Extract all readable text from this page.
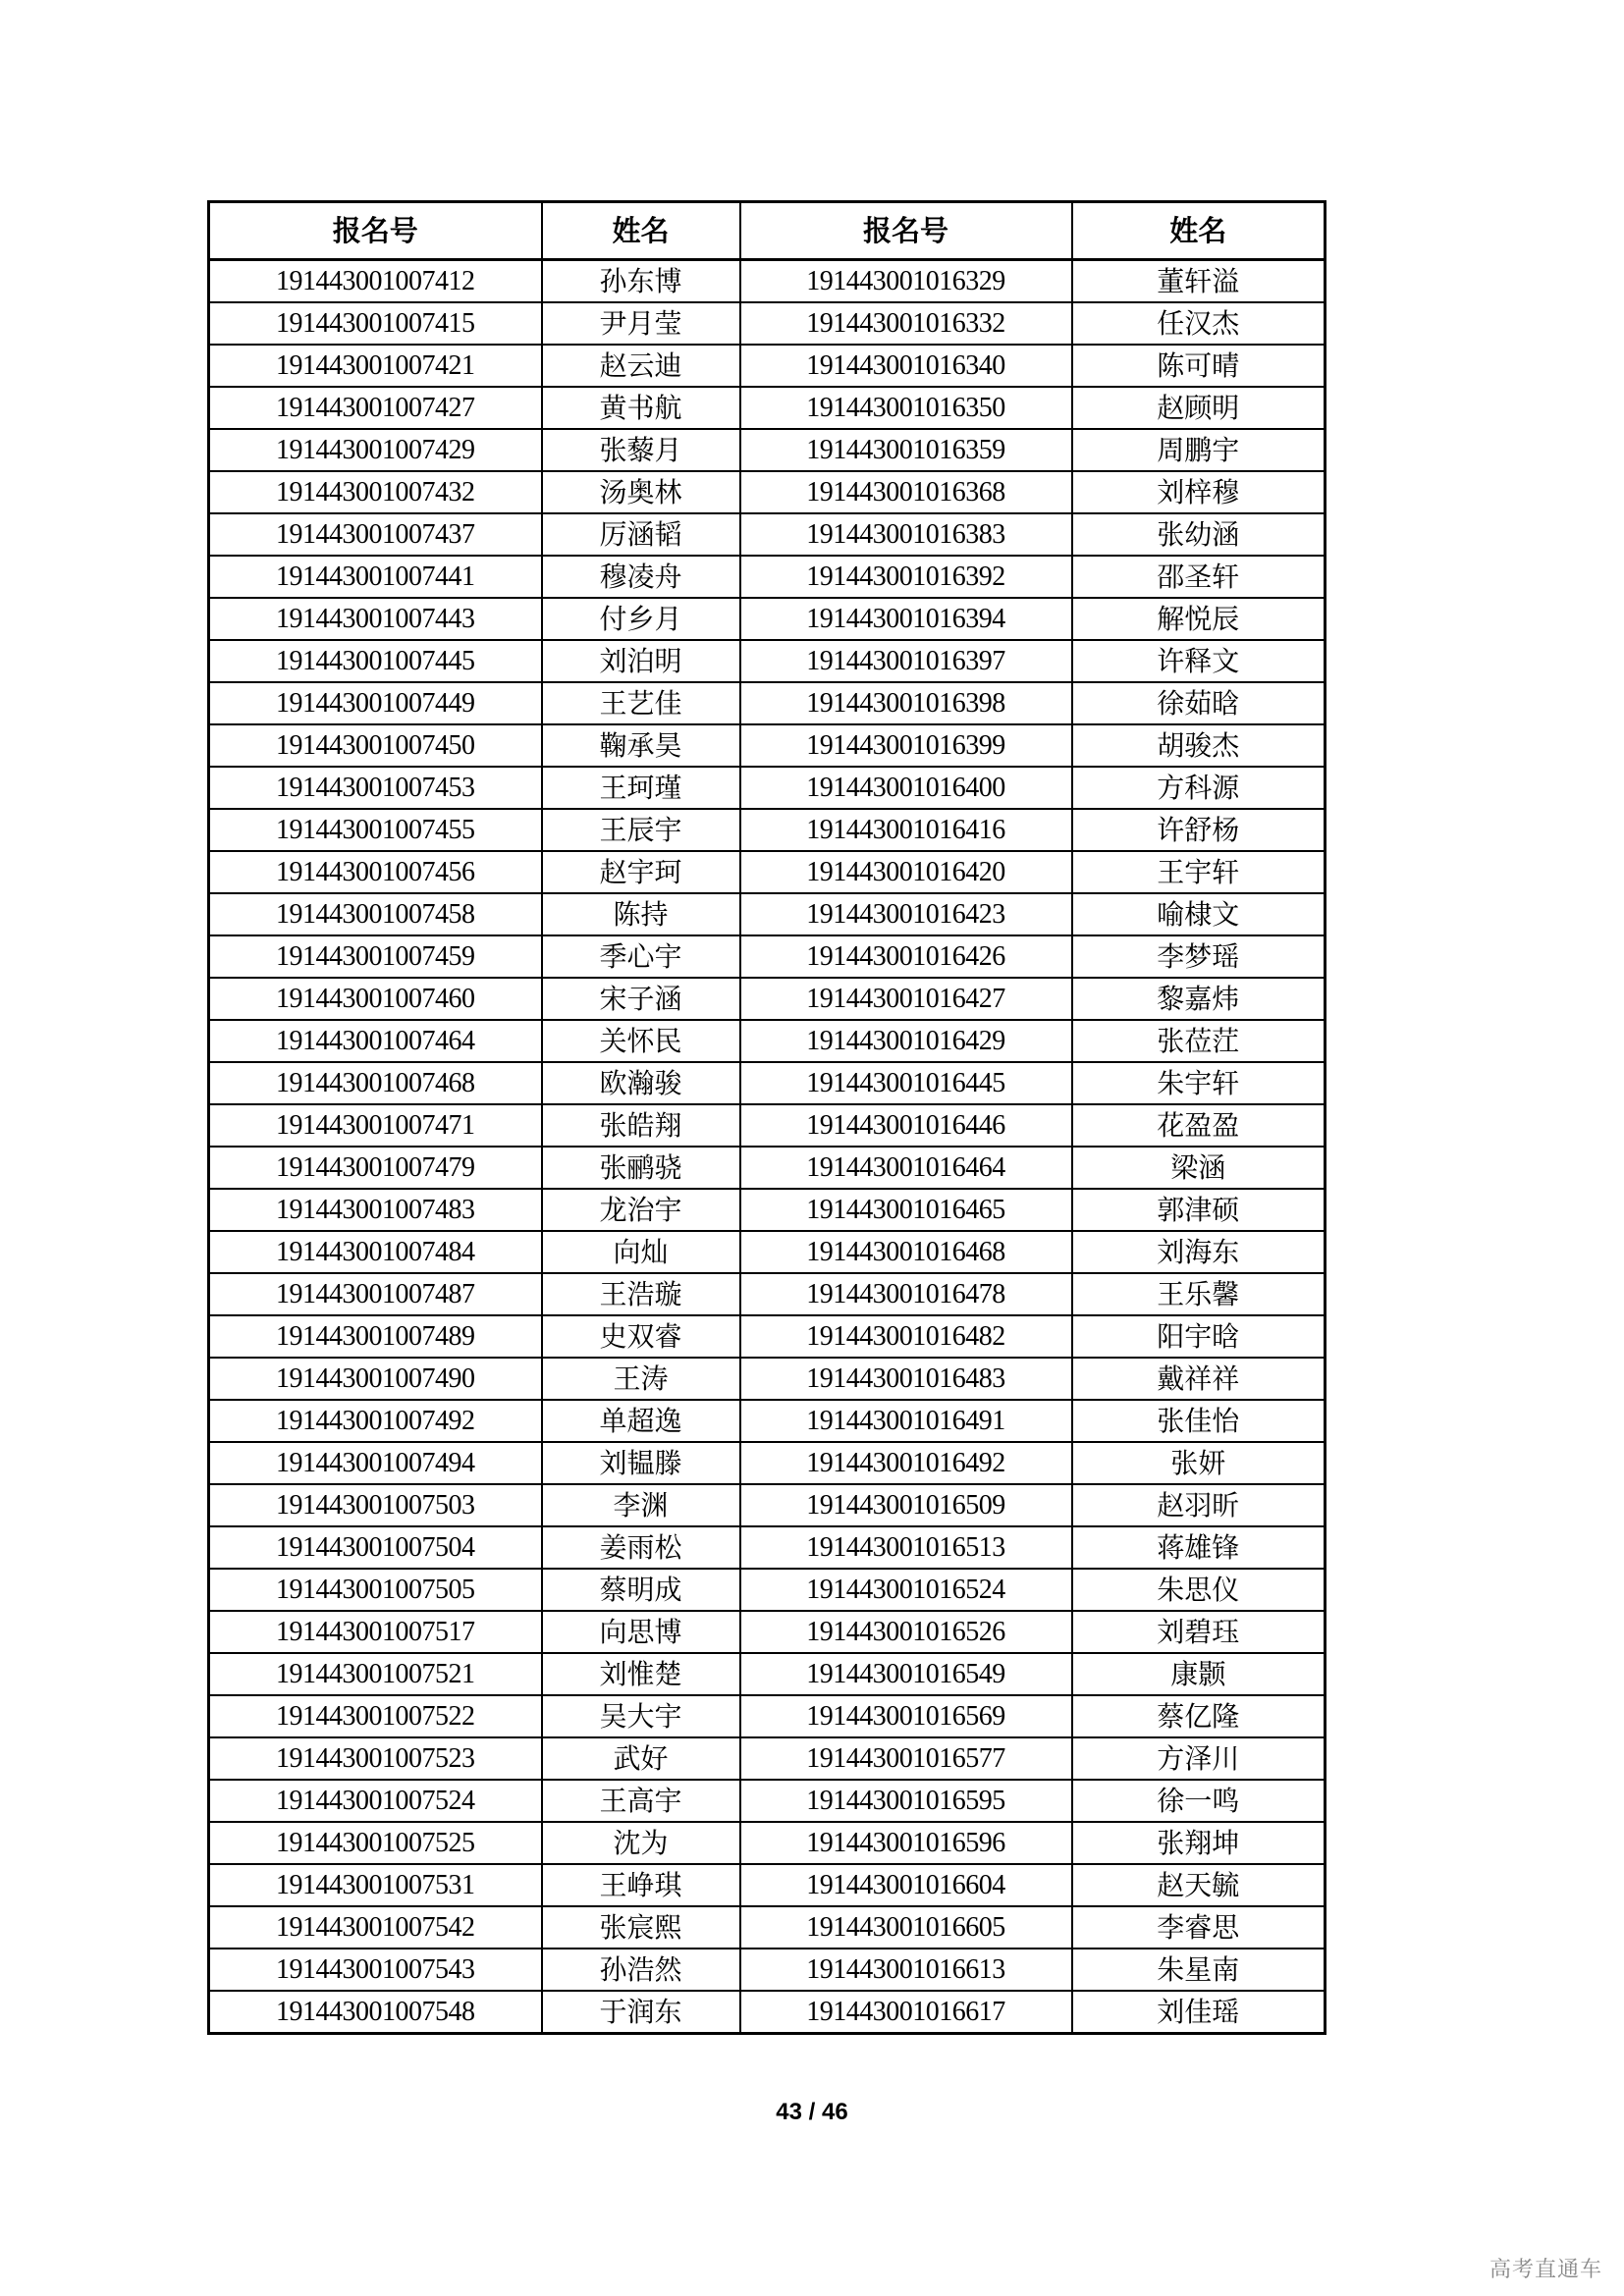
报名号	姓名	报名号	姓名
191443001007412	孙东博	191443001016329	董轩溢
191443001007415	尹月莹	191443001016332	任汉杰
191443001007421	赵云迪	191443001016340	陈可晴
191443001007427	黄书航	191443001016350	赵顾明
191443001007429	张藜月	191443001016359	周鹏宇
191443001007432	汤奥林	191443001016368	刘梓穆
191443001007437	厉涵韬	191443001016383	张幼涵
191443001007441	穆凌舟	191443001016392	邵圣轩
191443001007443	付乡月	191443001016394	解悦辰
191443001007445	刘泊明	191443001016397	许释文
191443001007449	王艺佳	191443001016398	徐茹晗
191443001007450	鞠承昊	191443001016399	胡骏杰
191443001007453	王珂瑾	191443001016400	方科源
191443001007455	王辰宇	191443001016416	许舒杨
191443001007456	赵宇珂	191443001016420	王宇轩
191443001007458	陈持	191443001016423	喻棣文
191443001007459	季心宇	191443001016426	李梦瑶
191443001007460	宋子涵	191443001016427	黎嘉炜
191443001007464	关怀民	191443001016429	张莅茳
191443001007468	欧瀚骏	191443001016445	朱宇轩
191443001007471	张皓翔	191443001016446	花盈盈
191443001007479	张鹂骁	191443001016464	梁涵
191443001007483	龙治宇	191443001016465	郭津硕
191443001007484	向灿	191443001016468	刘海东
191443001007487	王浩璇	191443001016478	王乐馨
191443001007489	史双睿	191443001016482	阳宇晗
191443001007490	王涛	191443001016483	戴祥祥
191443001007492	单超逸	191443001016491	张佳怡
191443001007494	刘韫滕	191443001016492	张妍
191443001007503	李渊	191443001016509	赵羽昕
191443001007504	姜雨松	191443001016513	蒋雄锋
191443001007505	蔡明成	191443001016524	朱思仪
191443001007517	向思博	191443001016526	刘碧珏
191443001007521	刘惟楚	191443001016549	康颢
191443001007522	吴大宇	191443001016569	蔡亿隆
191443001007523	武好	191443001016577	方泽川
191443001007524	王高宇	191443001016595	徐一鸣
191443001007525	沈为	191443001016596	张翔坤
191443001007531	王峥琪	191443001016604	赵天毓
191443001007542	张宸熙	191443001016605	李睿思
191443001007543	孙浩然	191443001016613	朱星南
191443001007548	于润东	191443001016617	刘佳瑶
43 / 46
高考直通车
